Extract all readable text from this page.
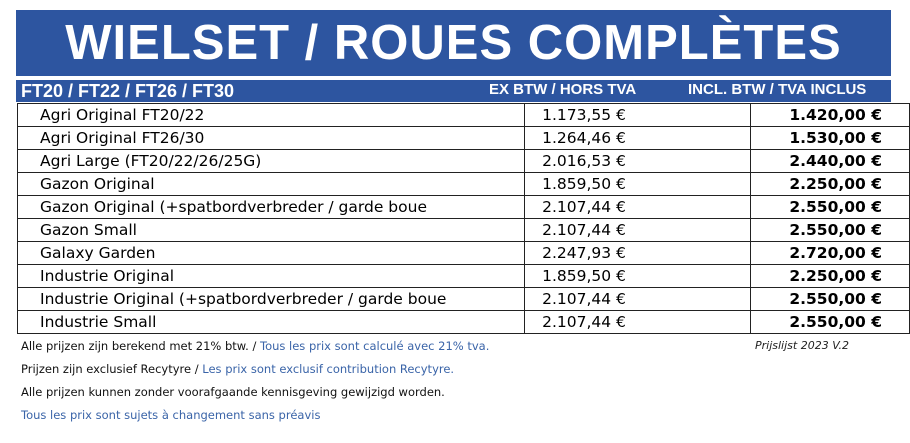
WIELSET / ROUES COMPLÈTES
FT20 / FT22 / FT26 / FT30	EX BTW / HORS TVA	INCL. BTW / TVA INCLUS
Agri Original FT20/22	1.173,55 €	1.420,00 €
Agri Original FT26/30	1.264,46 €	1.530,00 €
Agri Large (FT20/22/26/25G)	2.016,53 €	2.440,00 €
Gazon Original	1.859,50 €	2.250,00 €
Gazon Original (+spatbordverbreder / garde boue	2.107,44 €	2.550,00 €
Gazon Small	2.107,44 €	2.550,00 €
Galaxy Garden	2.247,93 €	2.720,00 €
Industrie Original	1.859,50 €	2.250,00 €
Industrie Original (+spatbordverbreder / garde boue	2.107,44 €	2.550,00 €
Industrie Small	2.107,44 €	2.550,00 €
Alle prijzen zijn berekend met 21% btw. / Tous les prix sont calculé avec 21% tva.	Prijslijst 2023 V.2
Prijzen zijn exclusief Recytyre / Les prix sont exclusif contribution Recytyre.
Alle prijzen kunnen zonder voorafgaande kennisgeving gewijzigd worden.
Tous les prix sont sujets à changement sans préavis
